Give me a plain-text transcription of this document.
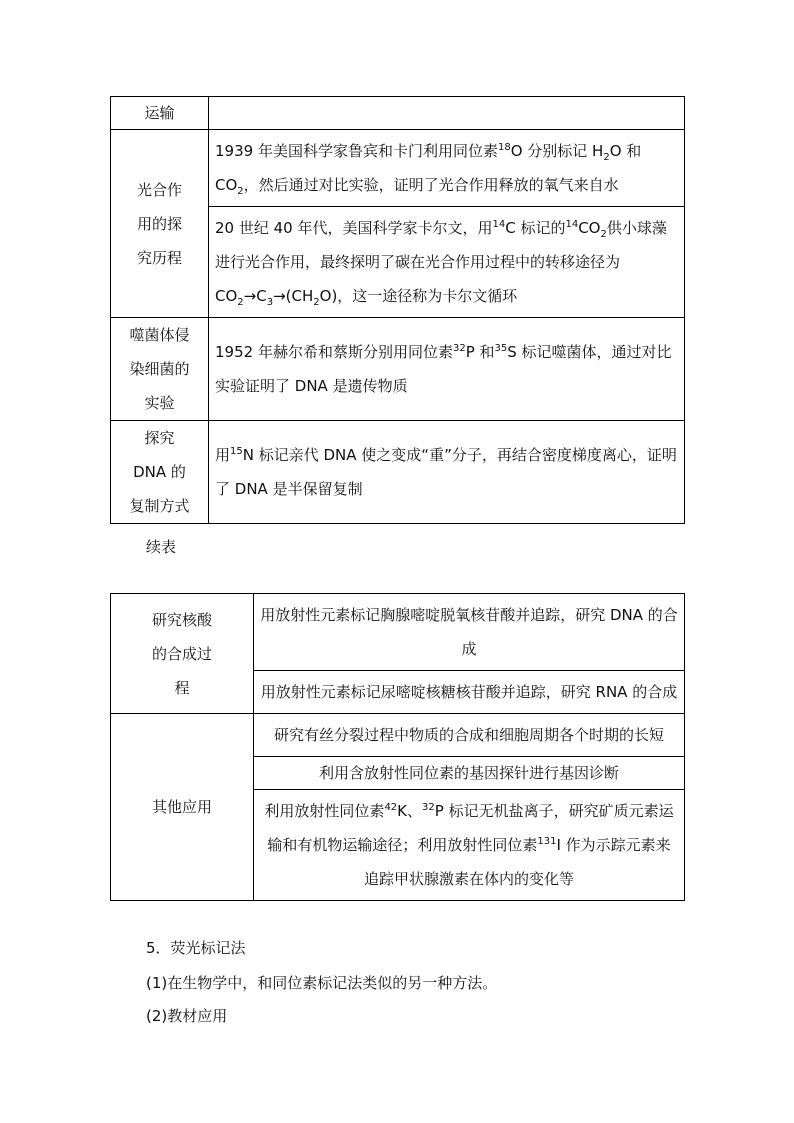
运输	
光合作用的探究历程	1939 年美国科学家鲁宾和卡门利用同位素$^{18}$O 分别标记 $H_2O$ 和 $CO_2$，然后通过对比实验，证明了光合作用释放的氧气来自水
	20 世纪 40 年代，美国科学家卡尔文，用$^{14}$C 标记的$^{14}CO_2$供小球藻进行光合作用，最终探明了碳在光合作用过程中的转移途径为 $CO_2\to C_3\to(CH_2O)$，这一途径称为卡尔文循环
噬菌体侵染细菌的实验	1952 年赫尔希和蔡斯分别用同位素$^{32}$P 和$^{35}$S 标记噬菌体，通过对比实验证明了 DNA 是遗传物质
探究 DNA 的复制方式	用$^{15}$N 标记亲代 DNA 使之变成“重”分子，再结合密度梯度离心，证明了 DNA 是半保留复制
续表
研究核酸的合成过程	用放射性元素标记胸腺嘧啶脱氧核苷酸并追踪，研究 DNA 的合成
	用放射性元素标记尿嘧啶核糖核苷酸并追踪，研究 RNA 的合成
其他应用	研究有丝分裂过程中物质的合成和细胞周期各个时期的长短
	利用含放射性同位素的基因探针进行基因诊断
	利用放射性同位素$^{42}$K、$^{32}$P 标记无机盐离子，研究矿质元素运输和有机物运输途径；利用放射性同位素$^{131}$I 作为示踪元素来追踪甲状腺激素在体内的变化等
5．荧光标记法
(1)在生物学中，和同位素标记法类似的另一种方法。
(2)教材应用
